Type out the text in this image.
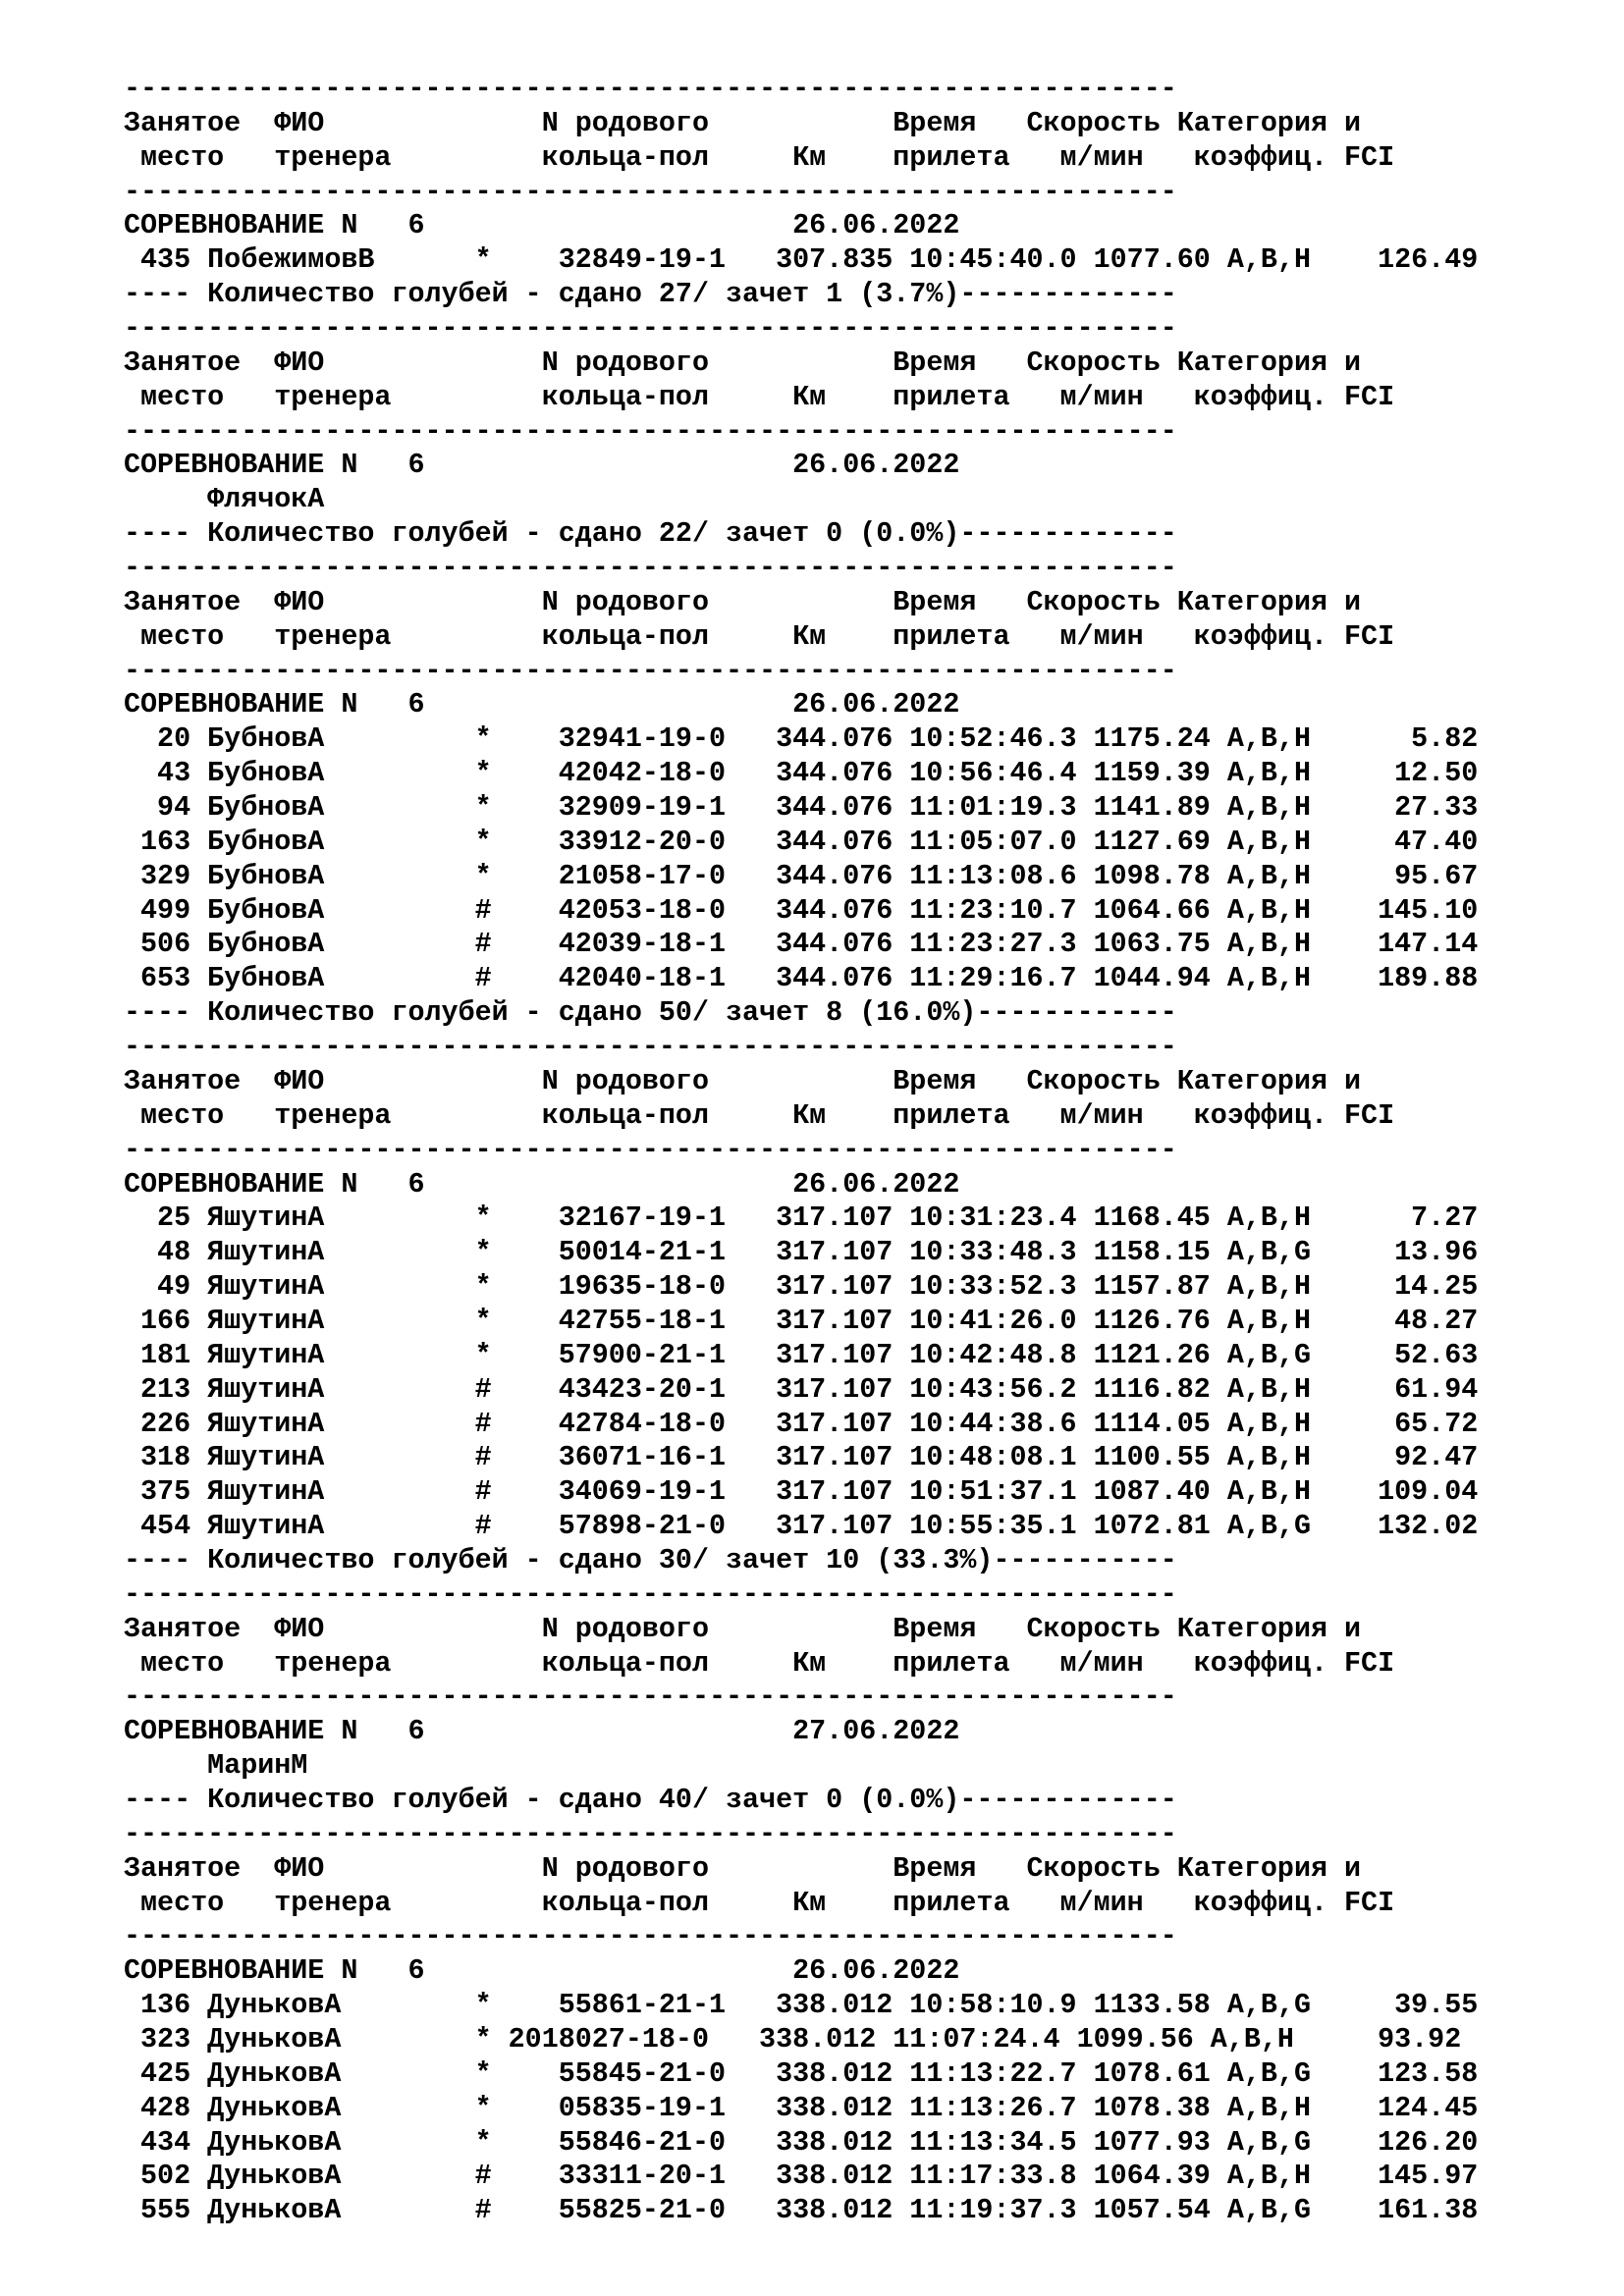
---------------------------------------------------------------
Занятое  ФИО             N родового           Время   Скорость Категория и
место   тренера         кольца-пол     Км    прилета   м/мин   коэффиц. FCI
---------------------------------------------------------------
СОРЕВНОВАНИЕ N   6                      26.06.2022
435 ПобежимовВ      *    32849-19-1   307.835 10:45:40.0 1077.60 A,B,H    126.49
---- Количество голубей - сдано 27/ зачет 1 (3.7%)-------------
---------------------------------------------------------------
Занятое  ФИО             N родового           Время   Скорость Категория и
место   тренера         кольца-пол     Км    прилета   м/мин   коэффиц. FCI
---------------------------------------------------------------
СОРЕВНОВАНИЕ N   6                      26.06.2022
ФлячокА
---- Количество голубей - сдано 22/ зачет 0 (0.0%)-------------
---------------------------------------------------------------
Занятое  ФИО             N родового           Время   Скорость Категория и
место   тренера         кольца-пол     Км    прилета   м/мин   коэффиц. FCI
---------------------------------------------------------------
СОРЕВНОВАНИЕ N   6                      26.06.2022
20 БубновА         *    32941-19-0   344.076 10:52:46.3 1175.24 A,B,H      5.82
43 БубновА         *    42042-18-0   344.076 10:56:46.4 1159.39 A,B,H     12.50
94 БубновА         *    32909-19-1   344.076 11:01:19.3 1141.89 A,B,H     27.33
163 БубновА         *    33912-20-0   344.076 11:05:07.0 1127.69 A,B,H     47.40
329 БубновА         *    21058-17-0   344.076 11:13:08.6 1098.78 A,B,H     95.67
499 БубновА         #    42053-18-0   344.076 11:23:10.7 1064.66 A,B,H    145.10
506 БубновА         #    42039-18-1   344.076 11:23:27.3 1063.75 A,B,H    147.14
653 БубновА         #    42040-18-1   344.076 11:29:16.7 1044.94 A,B,H    189.88
---- Количество голубей - сдано 50/ зачет 8 (16.0%)------------
---------------------------------------------------------------
Занятое  ФИО             N родового           Время   Скорость Категория и
место   тренера         кольца-пол     Км    прилета   м/мин   коэффиц. FCI
---------------------------------------------------------------
СОРЕВНОВАНИЕ N   6                      26.06.2022
25 ЯшутинА         *    32167-19-1   317.107 10:31:23.4 1168.45 A,B,H      7.27
48 ЯшутинА         *    50014-21-1   317.107 10:33:48.3 1158.15 A,B,G     13.96
49 ЯшутинА         *    19635-18-0   317.107 10:33:52.3 1157.87 A,B,H     14.25
166 ЯшутинА         *    42755-18-1   317.107 10:41:26.0 1126.76 A,B,H     48.27
181 ЯшутинА         *    57900-21-1   317.107 10:42:48.8 1121.26 A,B,G     52.63
213 ЯшутинА         #    43423-20-1   317.107 10:43:56.2 1116.82 A,B,H     61.94
226 ЯшутинА         #    42784-18-0   317.107 10:44:38.6 1114.05 A,B,H     65.72
318 ЯшутинА         #    36071-16-1   317.107 10:48:08.1 1100.55 A,B,H     92.47
375 ЯшутинА         #    34069-19-1   317.107 10:51:37.1 1087.40 A,B,H    109.04
454 ЯшутинА         #    57898-21-0   317.107 10:55:35.1 1072.81 A,B,G    132.02
---- Количество голубей - сдано 30/ зачет 10 (33.3%)-----------
---------------------------------------------------------------
Занятое  ФИО             N родового           Время   Скорость Категория и
место   тренера         кольца-пол     Км    прилета   м/мин   коэффиц. FCI
---------------------------------------------------------------
СОРЕВНОВАНИЕ N   6                      27.06.2022
МаринМ
---- Количество голубей - сдано 40/ зачет 0 (0.0%)-------------
---------------------------------------------------------------
Занятое  ФИО             N родового           Время   Скорость Категория и
место   тренера         кольца-пол     Км    прилета   м/мин   коэффиц. FCI
---------------------------------------------------------------
СОРЕВНОВАНИЕ N   6                      26.06.2022
136 ДуньковА        *    55861-21-1   338.012 10:58:10.9 1133.58 A,B,G     39.55
323 ДуньковА        * 2018027-18-0   338.012 11:07:24.4 1099.56 A,B,H     93.92
425 ДуньковА        *    55845-21-0   338.012 11:13:22.7 1078.61 A,B,G    123.58
428 ДуньковА        *    05835-19-1   338.012 11:13:26.7 1078.38 A,B,H    124.45
434 ДуньковА        *    55846-21-0   338.012 11:13:34.5 1077.93 A,B,G    126.20
502 ДуньковА        #    33311-20-1   338.012 11:17:33.8 1064.39 A,B,H    145.97
555 ДуньковА        #    55825-21-0   338.012 11:19:37.3 1057.54 A,B,G    161.38
